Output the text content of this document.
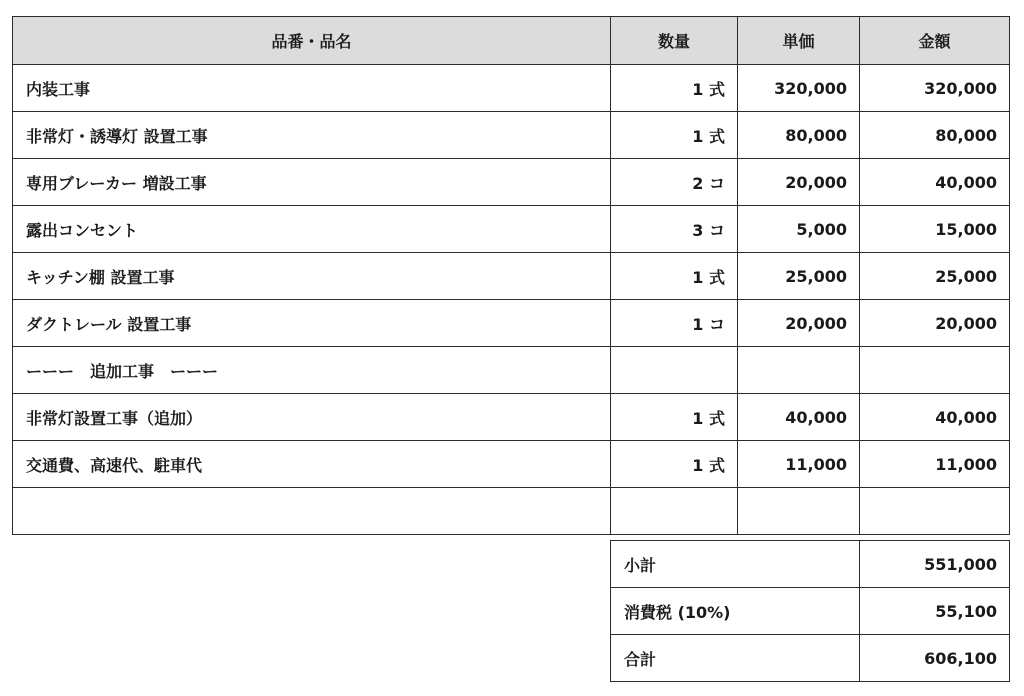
品番・品名	数量	単価	金額
内装工事	1 式	320,000	320,000
非常灯・誘導灯 設置工事	1 式	80,000	80,000
専用ブレーカー 増設工事	2 コ	20,000	40,000
露出コンセント	3 コ	5,000	15,000
キッチン棚 設置工事	1 式	25,000	25,000
ダクトレール 設置工事	1 コ	20,000	20,000
ーーー　追加工事　ーーー			
非常灯設置工事（追加）	1 式	40,000	40,000
交通費、高速代、駐車代	1 式	11,000	11,000

小計	551,000
消費税 (10%)	55,100
合計	606,100
